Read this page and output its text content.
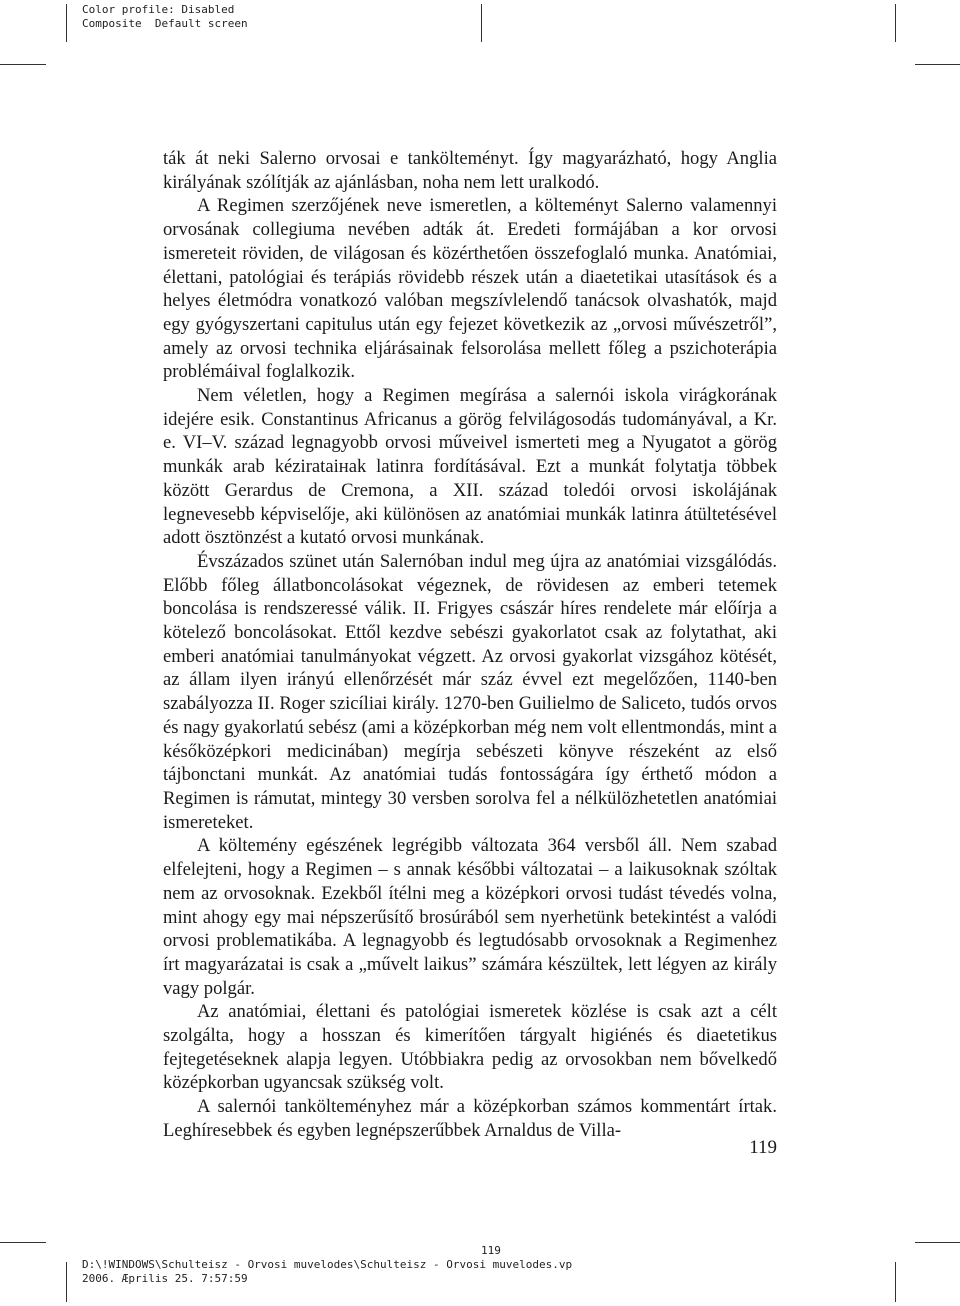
Color profile: Disabled
Composite  Default screen

ták át neki Salerno orvosai e tanköltеményt. Így magyarázható, hogy Anglia királyának szólítják az ajánlásban, noha nem lett uralkodó.

A Regimen szerzőjének neve ismeretlen, a költeményt Salerno valamennyi orvosának collegiuma nevében adták át. Eredeti formájában a kor orvosi ismereteit röviden, de világosan és közérthetően összefoglaló munka. Anatómiai, élettani, patológiai és terápiás rövidebb részek után a diaetetikai utasítások és a helyes életmódra vonatkozó valóban megszívlelendő tanácsok olvashatók, majd egy gyógyszertani capitulus után egy fejezet következik az „orvosi művészetről”, amely az orvosi technika eljárásainak felsorolása mellett főleg a pszichoterápia problémáival foglalkozik.

Nem véletlen, hogy a Regimen megírása a salernói iskola virágkorának idejére esik. Constantinus Africanus a görög felvilágosodás tudományával, a Kr. e. VI–V. század legnagyobb orvosi műveivel ismerteti meg a Nyugatot a görög munkák arab kézirataінak latinra fordításával. Ezt a munkát folytatja többek között Gerardus de Cremona, a XII. század toledói orvosi iskolájának legnevesebb képviselője, aki különösen az anatómiai munkák latinra átültetésével adott ösztönzést a kutató orvosi munkának.

Évszázados szünet után Salernóban indul meg újra az anatómiai vizsgálódás. Előbb főleg állatboncolásokat végeznek, de rövidesen az emberi tetemek boncolása is rendszeressé válik. II. Frigyes császár híres rendelete már előírja a kötelező boncolásokat. Ettől kezdve sebészi gyakorlatot csak az folytathat, aki emberi anatómiai tanulmányokat végzett. Az orvosi gyakorlat vizsgához kötését, az állam ilyen irányú ellenőrzését már száz évvel ezt megelőzően, 1140-ben szabályozza II. Roger szicíliai király. 1270-ben Guilielmo de Saliceto, tudós orvos és nagy gyakorlatú sebész (ami a középkorban még nem volt ellentmondás, mint a későközépkori medicinában) megírja sebészeti könyve részeként az első tájbonctani munkát. Az anatómiai tudás fontosságára így érthető módon a Regimen is rámutat, mintegy 30 versben sorolva fel a nélkülözhetetlen anatómiai ismereteket.

A költemény egészének legrégibb változata 364 versből áll. Nem szabad elfelejteni, hogy a Regimen – s annak későbbi változatai – a laikusoknak szóltak nem az orvosoknak. Ezekből ítélni meg a középkori orvosi tudást tévedés volna, mint ahogy egy mai népszerűsítő brosúrából sem nyerhetünk betekintést a valódi orvosi problematikába. A legnagyobb és legtudósabb orvosoknak a Regimenhez írt magyarázatai is csak a „művelt laikus” számára készültek, lett légyen az király vagy polgár.

Az anatómiai, élettani és patológiai ismeretek közlése is csak azt a célt szolgálta, hogy a hosszan és kimerítően tárgyalt higiénés és diaetetikus fejtegetéseknek alapja legyen. Utóbbiakra pedig az orvosokban nem bővelkedő középkorban ugyancsak szükség volt.

A salernói tanköltеményhez már a középkorban számos kommentárt írtak. Leghíresebbek és egyben legnépszerűbbek Arnaldus de Villa-

119
119
D:\!WINDOWS\Schulteisz - Orvosi muvelodes\Schulteisz - Orvosi muvelodes.vp
2006. Æprilis 25. 7:57:59
